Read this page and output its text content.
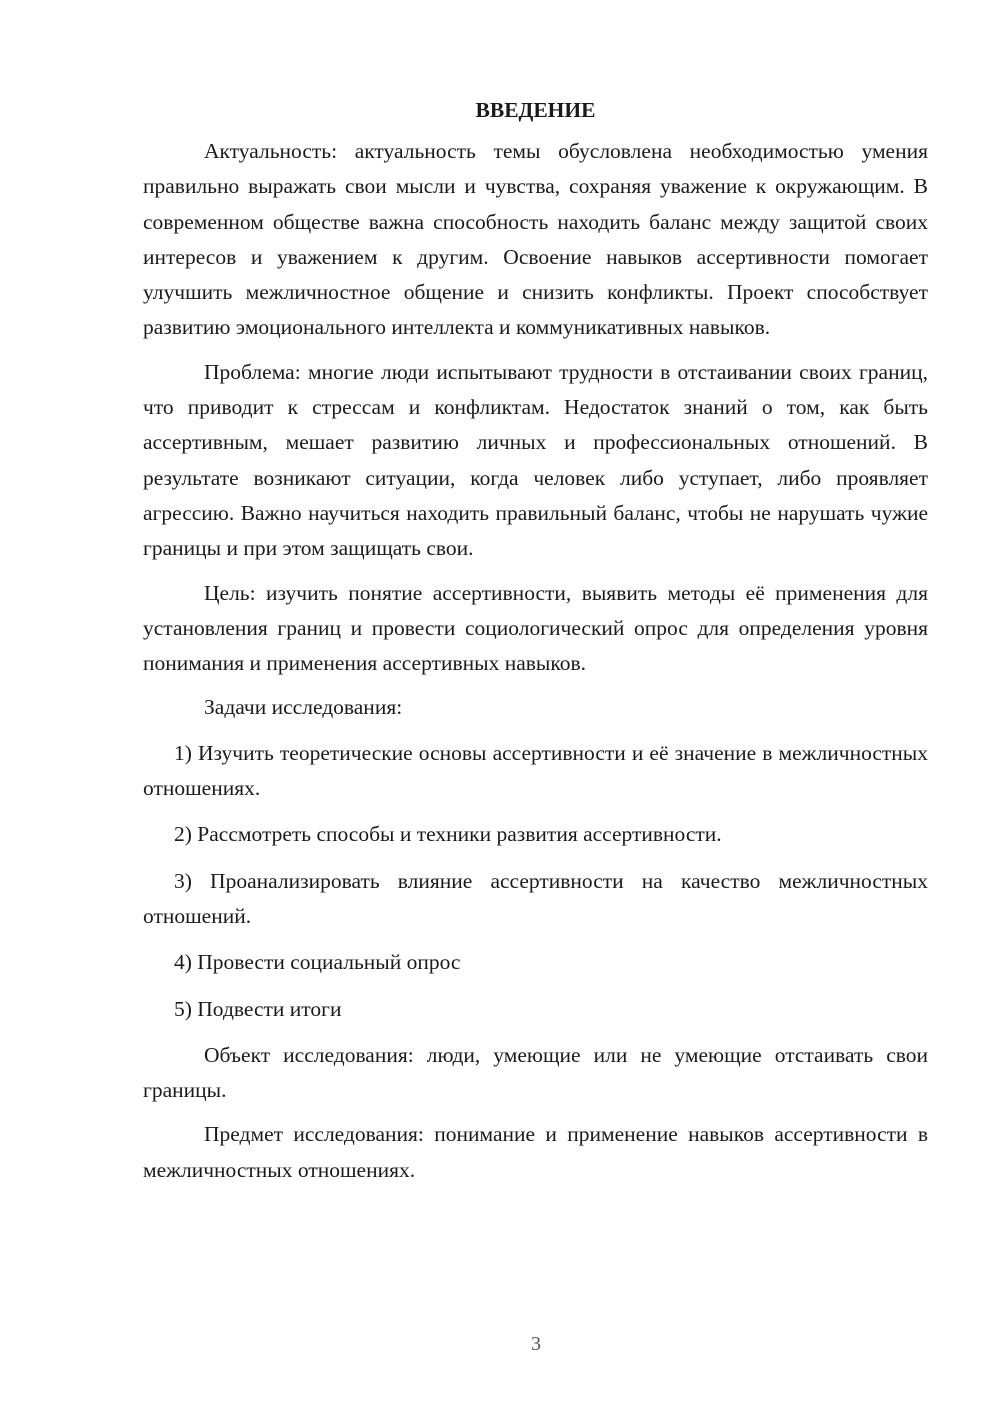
ВВЕДЕНИЕ

Актуальность: актуальность темы обусловлена необходимостью умения правильно выражать свои мысли и чувства, сохраняя уважение к окружающим. В современном обществе важна способность находить баланс между защитой своих интересов и уважением к другим. Освоение навыков ассертивности помогает улучшить межличностное общение и снизить конфликты. Проект способствует развитию эмоционального интеллекта и коммуникативных навыков.

Проблема: многие люди испытывают трудности в отстаивании своих границ, что приводит к стрессам и конфликтам. Недостаток знаний о том, как быть ассертивным, мешает развитию личных и профессиональных отношений. В результате возникают ситуации, когда человек либо уступает, либо проявляет агрессию. Важно научиться находить правильный баланс, чтобы не нарушать чужие границы и при этом защищать свои.

Цель: изучить понятие ассертивности, выявить методы её применения для установления границ и провести социологический опрос для определения уровня понимания и применения ассертивных навыков.

Задачи исследования:

1) Изучить теоретические основы ассертивности и её значение в межличностных отношениях.

2) Рассмотреть способы и техники развития ассертивности.

3) Проанализировать влияние ассертивности на качество межличностных отношений.

4) Провести социальный опрос

5) Подвести итоги

Объект исследования: люди, умеющие или не умеющие отстаивать свои границы.

Предмет исследования: понимание и применение навыков ассертивности в межличностных отношениях.

3
